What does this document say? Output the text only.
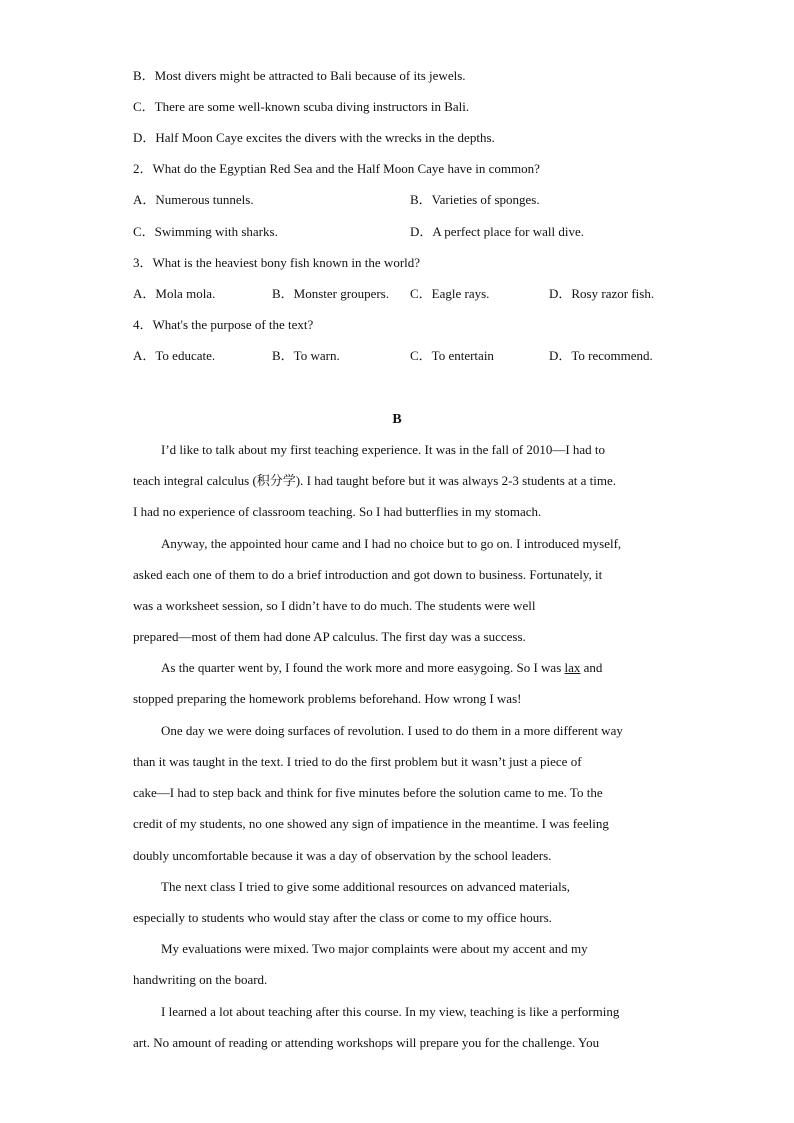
B．Most divers might be attracted to Bali because of its jewels.
C．There are some well-known scuba diving instructors in Bali.
D．Half Moon Caye excites the divers with the wrecks in the depths.
2．What do the Egyptian Red Sea and the Half Moon Caye have in common?
A．Numerous tunnels.	B．Varieties of sponges.
C．Swimming with sharks.	D．A perfect place for wall dive.
3．What is the heaviest bony fish known in the world?
A．Mola mola.	B．Monster groupers. C．Eagle rays.	D．Rosy razor fish.
4．What's the purpose of the text?
A．To educate.	B．To warn.	C．To entertain	D．To recommend.
B
I’d like to talk about my first teaching experience. It was in the fall of 2010—I had to
teach integral calculus (积分学). I had taught before but it was always 2-3 students at a time.
I had no experience of classroom teaching. So I had butterflies in my stomach.
Anyway, the appointed hour came and I had no choice but to go on. I introduced myself,
asked each one of them to do a brief introduction and got down to business. Fortunately, it
was a worksheet session, so I didn’t have to do much. The students were well
prepared—most of them had done AP calculus. The first day was a success.
As the quarter went by, I found the work more and more easygoing. So I was lax and
stopped preparing the homework problems beforehand. How wrong I was!
One day we were doing surfaces of revolution. I used to do them in a more different way
than it was taught in the text. I tried to do the first problem but it wasn’t just a piece of
cake—I had to step back and think for five minutes before the solution came to me. To the
credit of my students, no one showed any sign of impatience in the meantime. I was feeling
doubly uncomfortable because it was a day of observation by the school leaders.
The next class I tried to give some additional resources on advanced materials,
especially to students who would stay after the class or come to my office hours.
My evaluations were mixed. Two major complaints were about my accent and my
handwriting on the board.
I learned a lot about teaching after this course. In my view, teaching is like a performing
art. No amount of reading or attending workshops will prepare you for the challenge. You
